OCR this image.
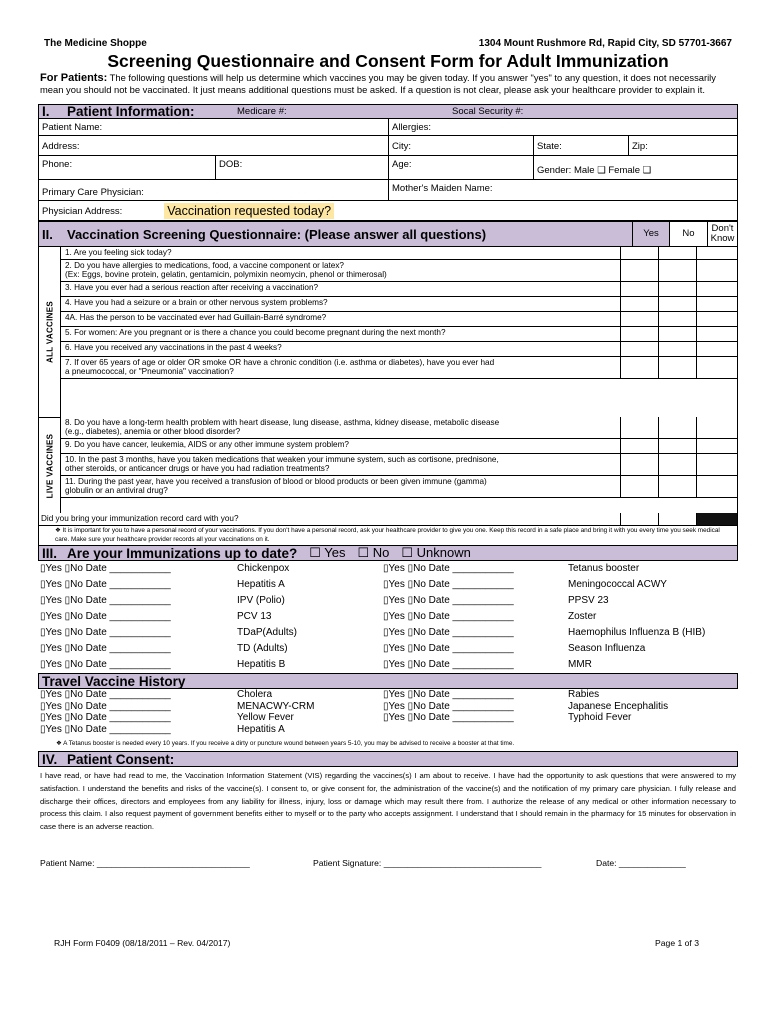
The Medicine Shoppe	1304 Mount Rushmore Rd, Rapid City, SD 57701-3667
Screening Questionnaire and Consent Form for Adult Immunization
For Patients: The following questions will help us determine which vaccines you may be given today. If you answer "yes" to any question, it does not necessarily mean you should not be vaccinated. It just means additional questions must be asked. If a question is not clear, please ask your healthcare provider to explain it.
I.	Patient Information:	Medicare #:	Socal Security #:
Patient Name:	Allergies:
Address:	City:	State:	Zip:
Phone:	DOB:	Age:
Gender: Male ❑ Female ❑
Primary Care Physician:	Mother's Maiden Name:
Physician Address:	Vaccination requested today?
II.	Vaccination Screening Questionnaire: (Please answer all questions)	Yes	No	Don't Know
ALL VACCINES
1. Are you feeling sick today?
2. Do you have allergies to medications, food, a vaccine component or latex?
(Ex: Eggs, bovine protein, gelatin, gentamicin, polymixin neomycin, phenol or thimerosal)
3. Have you ever had a serious reaction after receiving a vaccination?
4. Have you had a seizure or a brain or other nervous system problems?
4A. Has the person to be vaccinated ever had Guillain-Barré syndrome?
5. For women: Are you pregnant or is there a chance you could become pregnant during the next month?
6. Have you received any vaccinations in the past 4 weeks?
7. If over 65 years of age or older OR smoke OR have a chronic condition (i.e. asthma or diabetes), have you ever had
a pneumococcal, or "Pneumonia" vaccination?
LIVE VACCINES
8. Do you have a long-term health problem with heart disease, lung disease, asthma, kidney disease, metabolic disease
(e.g., diabetes), anemia or other blood disorder?
9. Do you have cancer, leukemia, AIDS or any other immune system problem?
10. In the past 3 months, have you taken medications that weaken your immune system, such as cortisone, prednisone,
other steroids, or anticancer drugs or have you had radiation treatments?
11. During the past year, have you received a transfusion of blood or blood products or been given immune (gamma)
globulin or an antiviral drug?
Did you bring your immunization record card with you?
❖ It is important for you to have a personal record of your vaccinations. If you don't have a personal record, ask your healthcare provider to give you one. Keep this record in a safe place and bring it with you every time you seek medical care. Make sure your healthcare provider records all your vaccinations on it.
III. Are your Immunizations up to date? ☐ Yes ☐ No ☐ Unknown
▯Yes ▯No Date ___________	Chickenpox	▯Yes ▯No Date ___________	Tetanus booster
▯Yes ▯No Date ___________	Hepatitis A	▯Yes ▯No Date ___________	Meningococcal ACWY
▯Yes ▯No Date ___________	IPV (Polio)	▯Yes ▯No Date ___________	PPSV 23
▯Yes ▯No Date ___________	PCV 13	▯Yes ▯No Date ___________	Zoster
▯Yes ▯No Date ___________	TDaP(Adults)	▯Yes ▯No Date ___________	Haemophilus Influenza B (HIB)
▯Yes ▯No Date ___________	TD (Adults)	▯Yes ▯No Date ___________	Season Influenza
▯Yes ▯No Date ___________	Hepatitis B	▯Yes ▯No Date ___________	MMR
Travel Vaccine History
▯Yes ▯No Date ___________	Cholera	▯Yes ▯No Date ___________	Rabies
▯Yes ▯No Date ___________	MENACWY-CRM	▯Yes ▯No Date ___________	Japanese Encephalitis
▯Yes ▯No Date ___________	Yellow Fever	▯Yes ▯No Date ___________	Typhoid Fever
▯Yes ▯No Date ___________	Hepatitis A
❖ A Tetanus booster is needed every 10 years. If you receive a dirty or puncture wound between years 5-10, you may be advised to receive a booster at that time.
IV. Patient Consent:
I have read, or have had read to me, the Vaccination Information Statement (VIS) regarding the vaccines(s) I am about to receive. I have had the opportunity to ask questions that were answered to my satisfaction. I understand the benefits and risks of the vaccine(s). I consent to, or give consent for, the administration of the vaccine(s) and the notification of my primary care physician. I fully release and discharge their offices, directors and employees from any liability for illness, injury, loss or damage which may result there from. I authorize the release of any medical or other information necessary to process this claim. I also request payment of government benefits either to myself or to the party who accepts assignment. I understand that I should remain in the pharmacy for 15 minutes for observation in case there is an adverse reaction.
Patient Name: ________________________________	Patient Signature: _________________________________	Date: ______________
RJH Form F0409 (08/18/2011 – Rev. 04/2017)	Page 1 of 3
